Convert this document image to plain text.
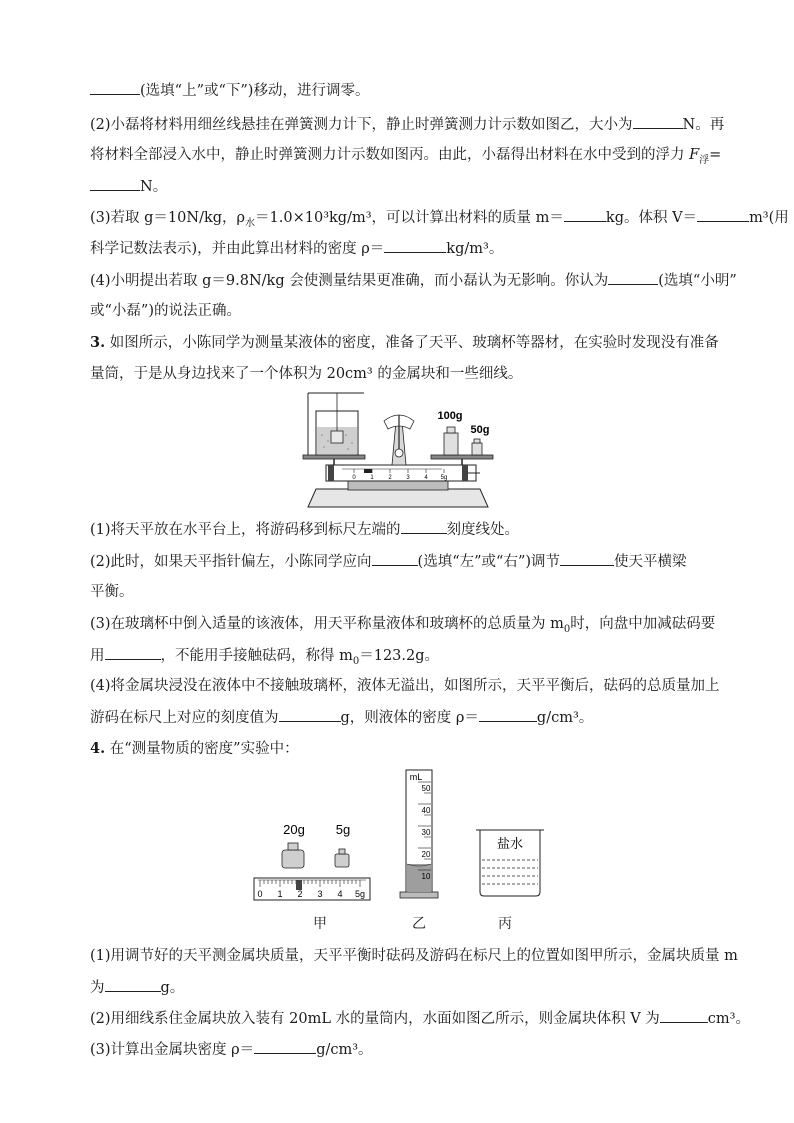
(选填“上”或“下”)移动，进行调零。
(2)小磊将材料用细丝线悬挂在弹簧测力计下，静止时弹簧测力计示数如图乙，大小为	N。再
将材料全部浸入水中，静止时弹簧测力计示数如图丙。由此，小磊得出材料在水中受到的浮力 $F_浮=$
N。
(3)若取 g＝10N/kg，$\rho_水=1.0\times 10^3kg/m^3$，可以计算出材料的质量 m＝	kg。体积 V＝	m³(用
科学记数法表示)，并由此算出材料的密度 ρ＝	kg/m³。
(4)小明提出若取 g＝9.8N/kg 会使测量结果更准确，而小磊认为无影响。你认为	(选填“小明”
或“小磊”)的说法正确。
3. 如图所示，小陈同学为测量某液体的密度，准备了天平、玻璃杯等器材，在实验时发现没有准备
量筒，于是从身边找来了一个体积为 20cm³ 的金属块和一些细线。
0 1 2 3 4 5g
100g
50g
(1)将天平放在水平台上，将游码移到标尺左端的	刻度线处。
(2)此时，如果天平指针偏左，小陈同学应向	(选填“左”或“右”)调节	使天平横梁
平衡。
(3)在玻璃杯中倒入适量的该液体，用天平称量液体和玻璃杯的总质量为 $m_0$时，向盘中加减砝码要
用	，不能用手接触砝码，称得 $m_0=123.2g$。
(4)将金属块浸没在液体中不接触玻璃杯，液体无溢出，如图所示，天平平衡后，砝码的总质量加上
游码在标尺上对应的刻度值为	g，则液体的密度 ρ＝	g/cm³。
4. 在“测量物质的密度”实验中：
20g 5g
0 1 2 3 4 5g
mL
50
40
30
20
10
盐水
甲	乙	丙
(1)用调节好的天平测金属块质量，天平平衡时砝码及游码在标尺上的位置如图甲所示，金属块质量 m
为	g。
(2)用细线系住金属块放入装有 20mL 水的量筒内，水面如图乙所示，则金属块体积 V 为	cm³。
(3)计算出金属块密度 ρ＝	g/cm³。
